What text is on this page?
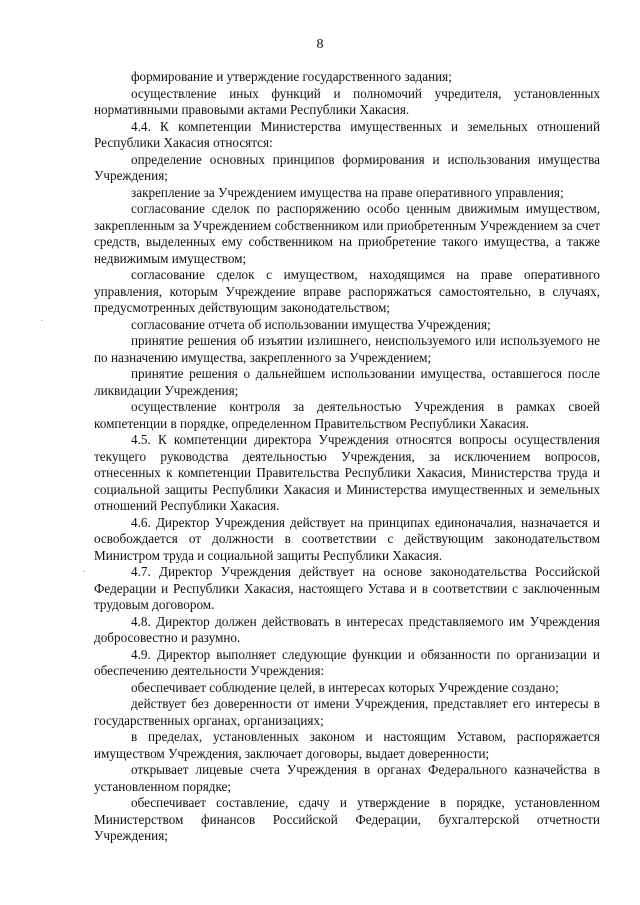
8

формирование и утверждение государственного задания;

осуществление иных функций и полномочий учредителя, установленных нормативными правовыми актами Республики Хакасия.

4.4. К компетенции Министерства имущественных и земельных отношений Республики Хакасия относятся:

определение основных принципов формирования и использования имущества Учреждения;

закрепление за Учреждением имущества на праве оперативного управления;

согласование сделок по распоряжению особо ценным движимым имуществом, закрепленным за Учреждением собственником или приобретенным Учреждением за счет средств, выделенных ему собственником на приобретение такого имущества, а также недвижимым имуществом;

согласование сделок с имуществом, находящимся на праве оперативного управления, которым Учреждение вправе распоряжаться самостоятельно, в случаях, предусмотренных действующим законодательством;

согласование отчета об использовании имущества Учреждения;

принятие решения об изъятии излишнего, неиспользуемого или используемого не по назначению имущества, закрепленного за Учреждением;

принятие решения о дальнейшем использовании имущества, оставшегося после ликвидации Учреждения;

осуществление контроля за деятельностью Учреждения в рамках своей компетенции в порядке, определенном Правительством Республики Хакасия.

4.5. К компетенции директора Учреждения относятся вопросы осуществления текущего руководства деятельностью Учреждения, за исключением вопросов, отнесенных к компетенции Правительства Республики Хакасия, Министерства труда и социальной защиты Республики Хакасия и Министерства имущественных и земельных отношений Республики Хакасия.

4.6. Директор Учреждения действует на принципах единоначалия, назначается и освобождается от должности в соответствии с действующим законодательством Министром труда и социальной защиты Республики Хакасия.

4.7. Директор Учреждения действует на основе законодательства Российской Федерации и Республики Хакасия, настоящего Устава и в соответствии с заключенным трудовым договором.

4.8. Директор должен действовать в интересах представляемого им Учреждения добросовестно и разумно.

4.9. Директор выполняет следующие функции и обязанности по организации и обеспечению деятельности Учреждения:

обеспечивает соблюдение целей, в интересах которых Учреждение создано;

действует без доверенности от имени Учреждения, представляет его интересы в государственных органах, организациях;

в пределах, установленных законом и настоящим Уставом, распоряжается имуществом Учреждения, заключает договоры, выдает доверенности;

открывает лицевые счета Учреждения в органах Федерального казначейства в установленном порядке;

обеспечивает составление, сдачу и утверждение в порядке, установленном Министерством финансов Российской Федерации, бухгалтерской отчетности Учреждения;

·
·
